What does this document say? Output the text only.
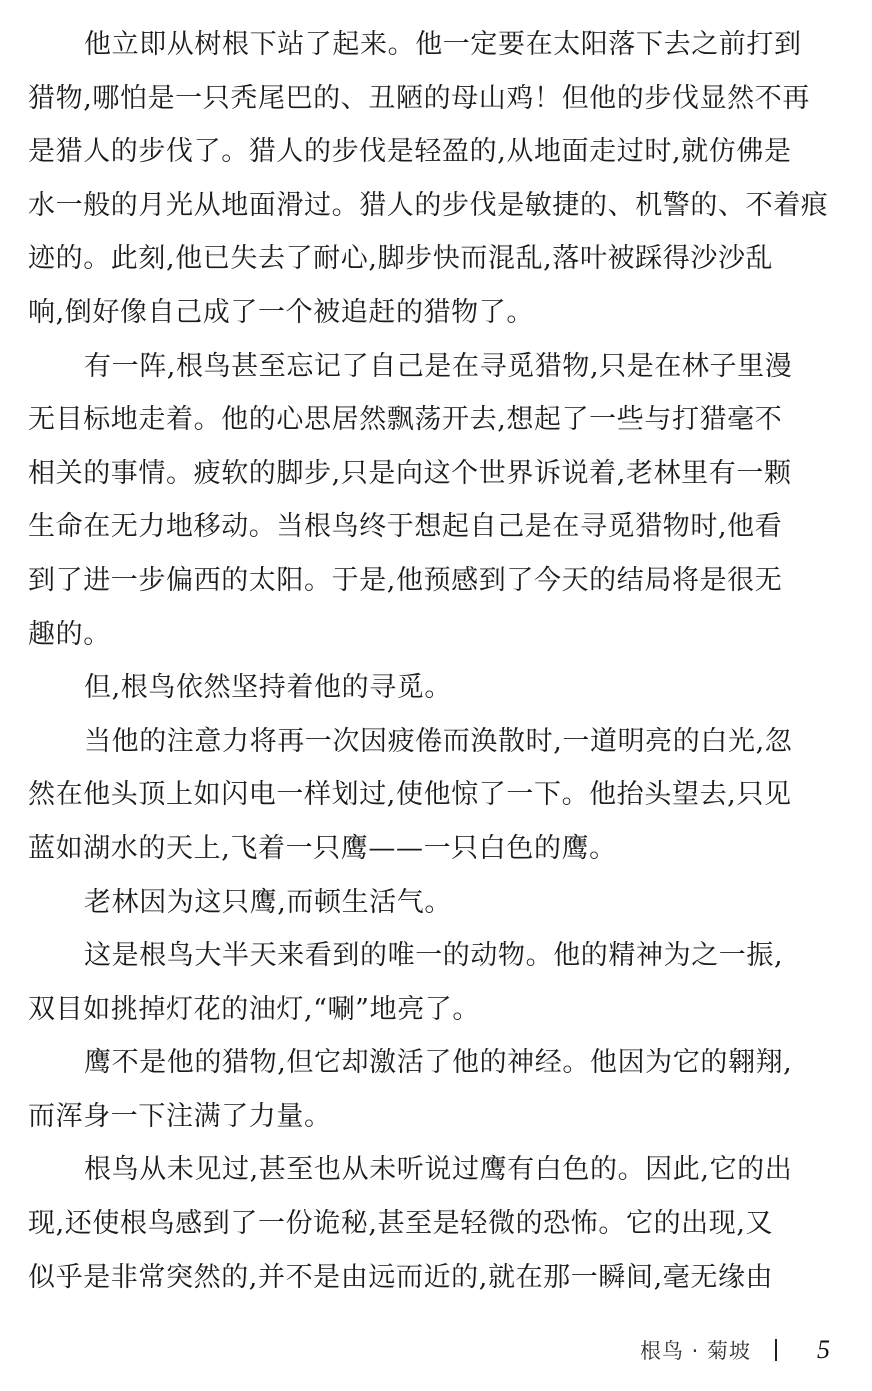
他立即从树根下站了起来。他一定要在太阳落下去之前打到
猎物,哪怕是一只秃尾巴的、丑陋的母山鸡！但他的步伐显然不再
是猎人的步伐了。猎人的步伐是轻盈的,从地面走过时,就仿佛是
水一般的月光从地面滑过。猎人的步伐是敏捷的、机警的、不着痕
迹的。此刻,他已失去了耐心,脚步快而混乱,落叶被踩得沙沙乱
响,倒好像自己成了一个被追赶的猎物了。
有一阵,根鸟甚至忘记了自己是在寻觅猎物,只是在林子里漫
无目标地走着。他的心思居然飘荡开去,想起了一些与打猎毫不
相关的事情。疲软的脚步,只是向这个世界诉说着,老林里有一颗
生命在无力地移动。当根鸟终于想起自己是在寻觅猎物时,他看
到了进一步偏西的太阳。于是,他预感到了今天的结局将是很无
趣的。
但,根鸟依然坚持着他的寻觅。
当他的注意力将再一次因疲倦而涣散时,一道明亮的白光,忽
然在他头顶上如闪电一样划过,使他惊了一下。他抬头望去,只见
蓝如湖水的天上,飞着一只鹰——一只白色的鹰。
老林因为这只鹰,而顿生活气。
这是根鸟大半天来看到的唯一的动物。他的精神为之一振,
双目如挑掉灯花的油灯,“唰”地亮了。
鹰不是他的猎物,但它却激活了他的神经。他因为它的翱翔,
而浑身一下注满了力量。
根鸟从未见过,甚至也从未听说过鹰有白色的。因此,它的出
现,还使根鸟感到了一份诡秘,甚至是轻微的恐怖。它的出现,又
似乎是非常突然的,并不是由远而近的,就在那一瞬间,毫无缘由
根鸟 · 菊坡	5
